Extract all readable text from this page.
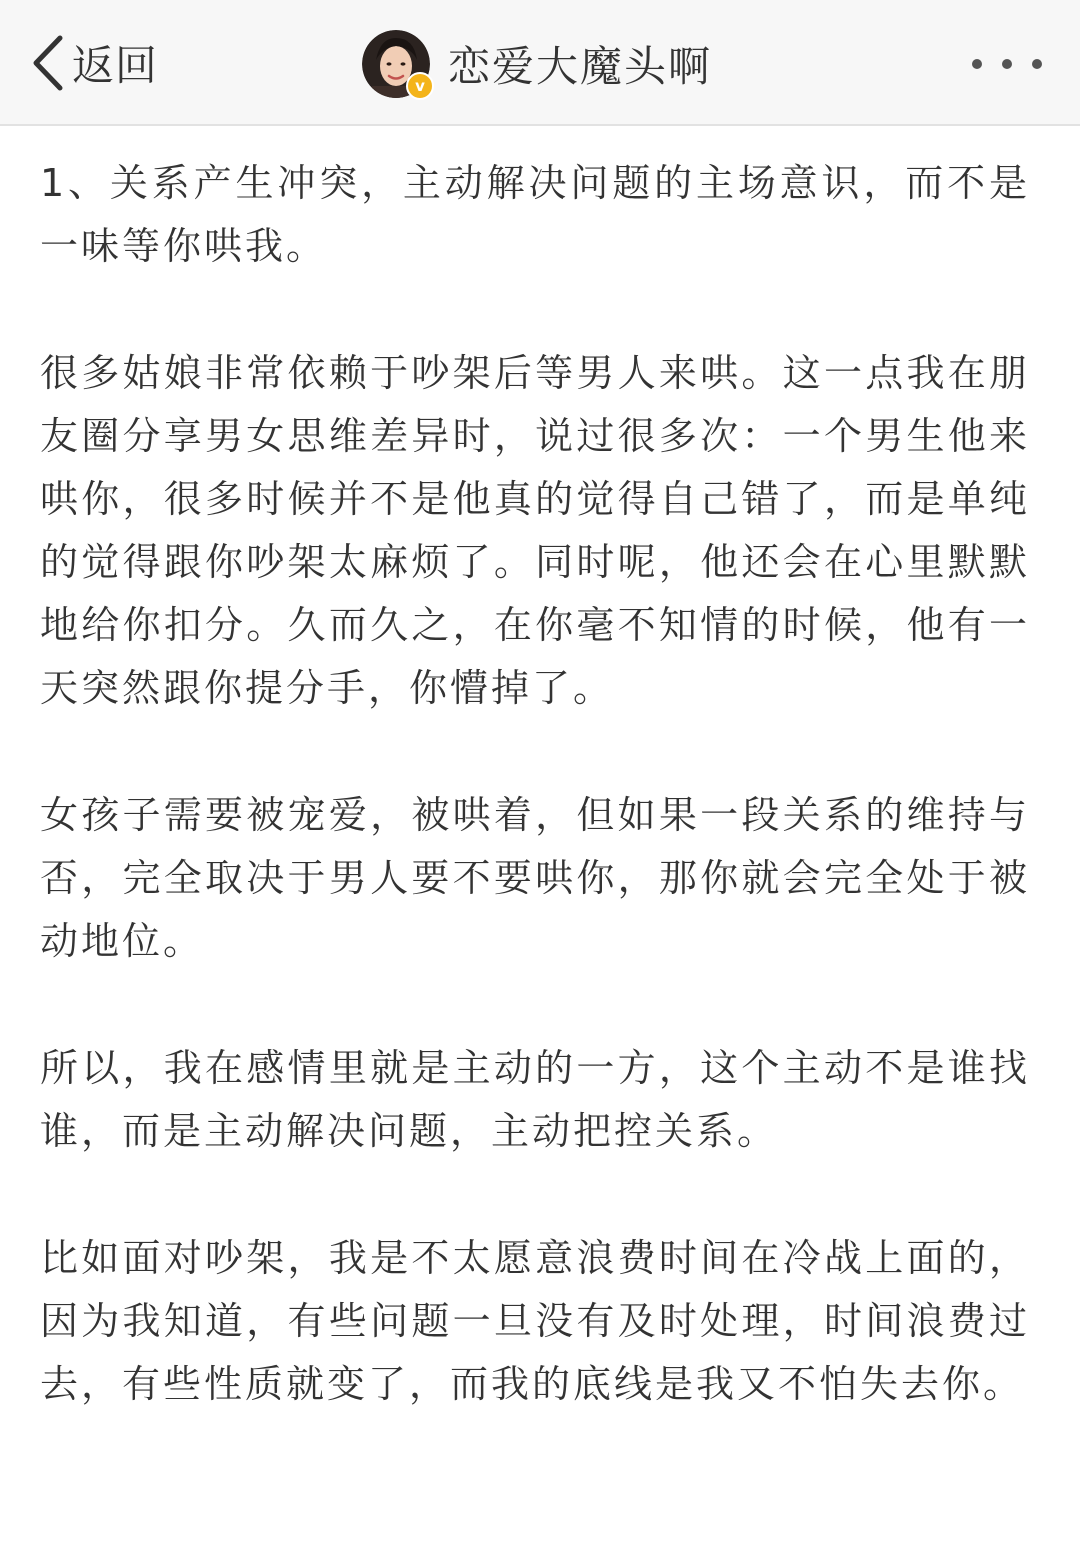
返回	v 恋爱大魔头啊

1、关系产生冲突，主动解决问题的主场意识，而不是一味等你哄我。

很多姑娘非常依赖于吵架后等男人来哄。这一点我在朋友圈分享男女思维差异时，说过很多次：一个男生他来哄你，很多时候并不是他真的觉得自己错了，而是单纯的觉得跟你吵架太麻烦了。同时呢，他还会在心里默默地给你扣分。久而久之，在你毫不知情的时候，他有一天突然跟你提分手，你懵掉了。

女孩子需要被宠爱，被哄着，但如果一段关系的维持与否，完全取决于男人要不要哄你，那你就会完全处于被动地位。

所以，我在感情里就是主动的一方，这个主动不是谁找谁，而是主动解决问题，主动把控关系。

比如面对吵架，我是不太愿意浪费时间在冷战上面的，因为我知道，有些问题一旦没有及时处理，时间浪费过去，有些性质就变了，而我的底线是我又不怕失去你。
